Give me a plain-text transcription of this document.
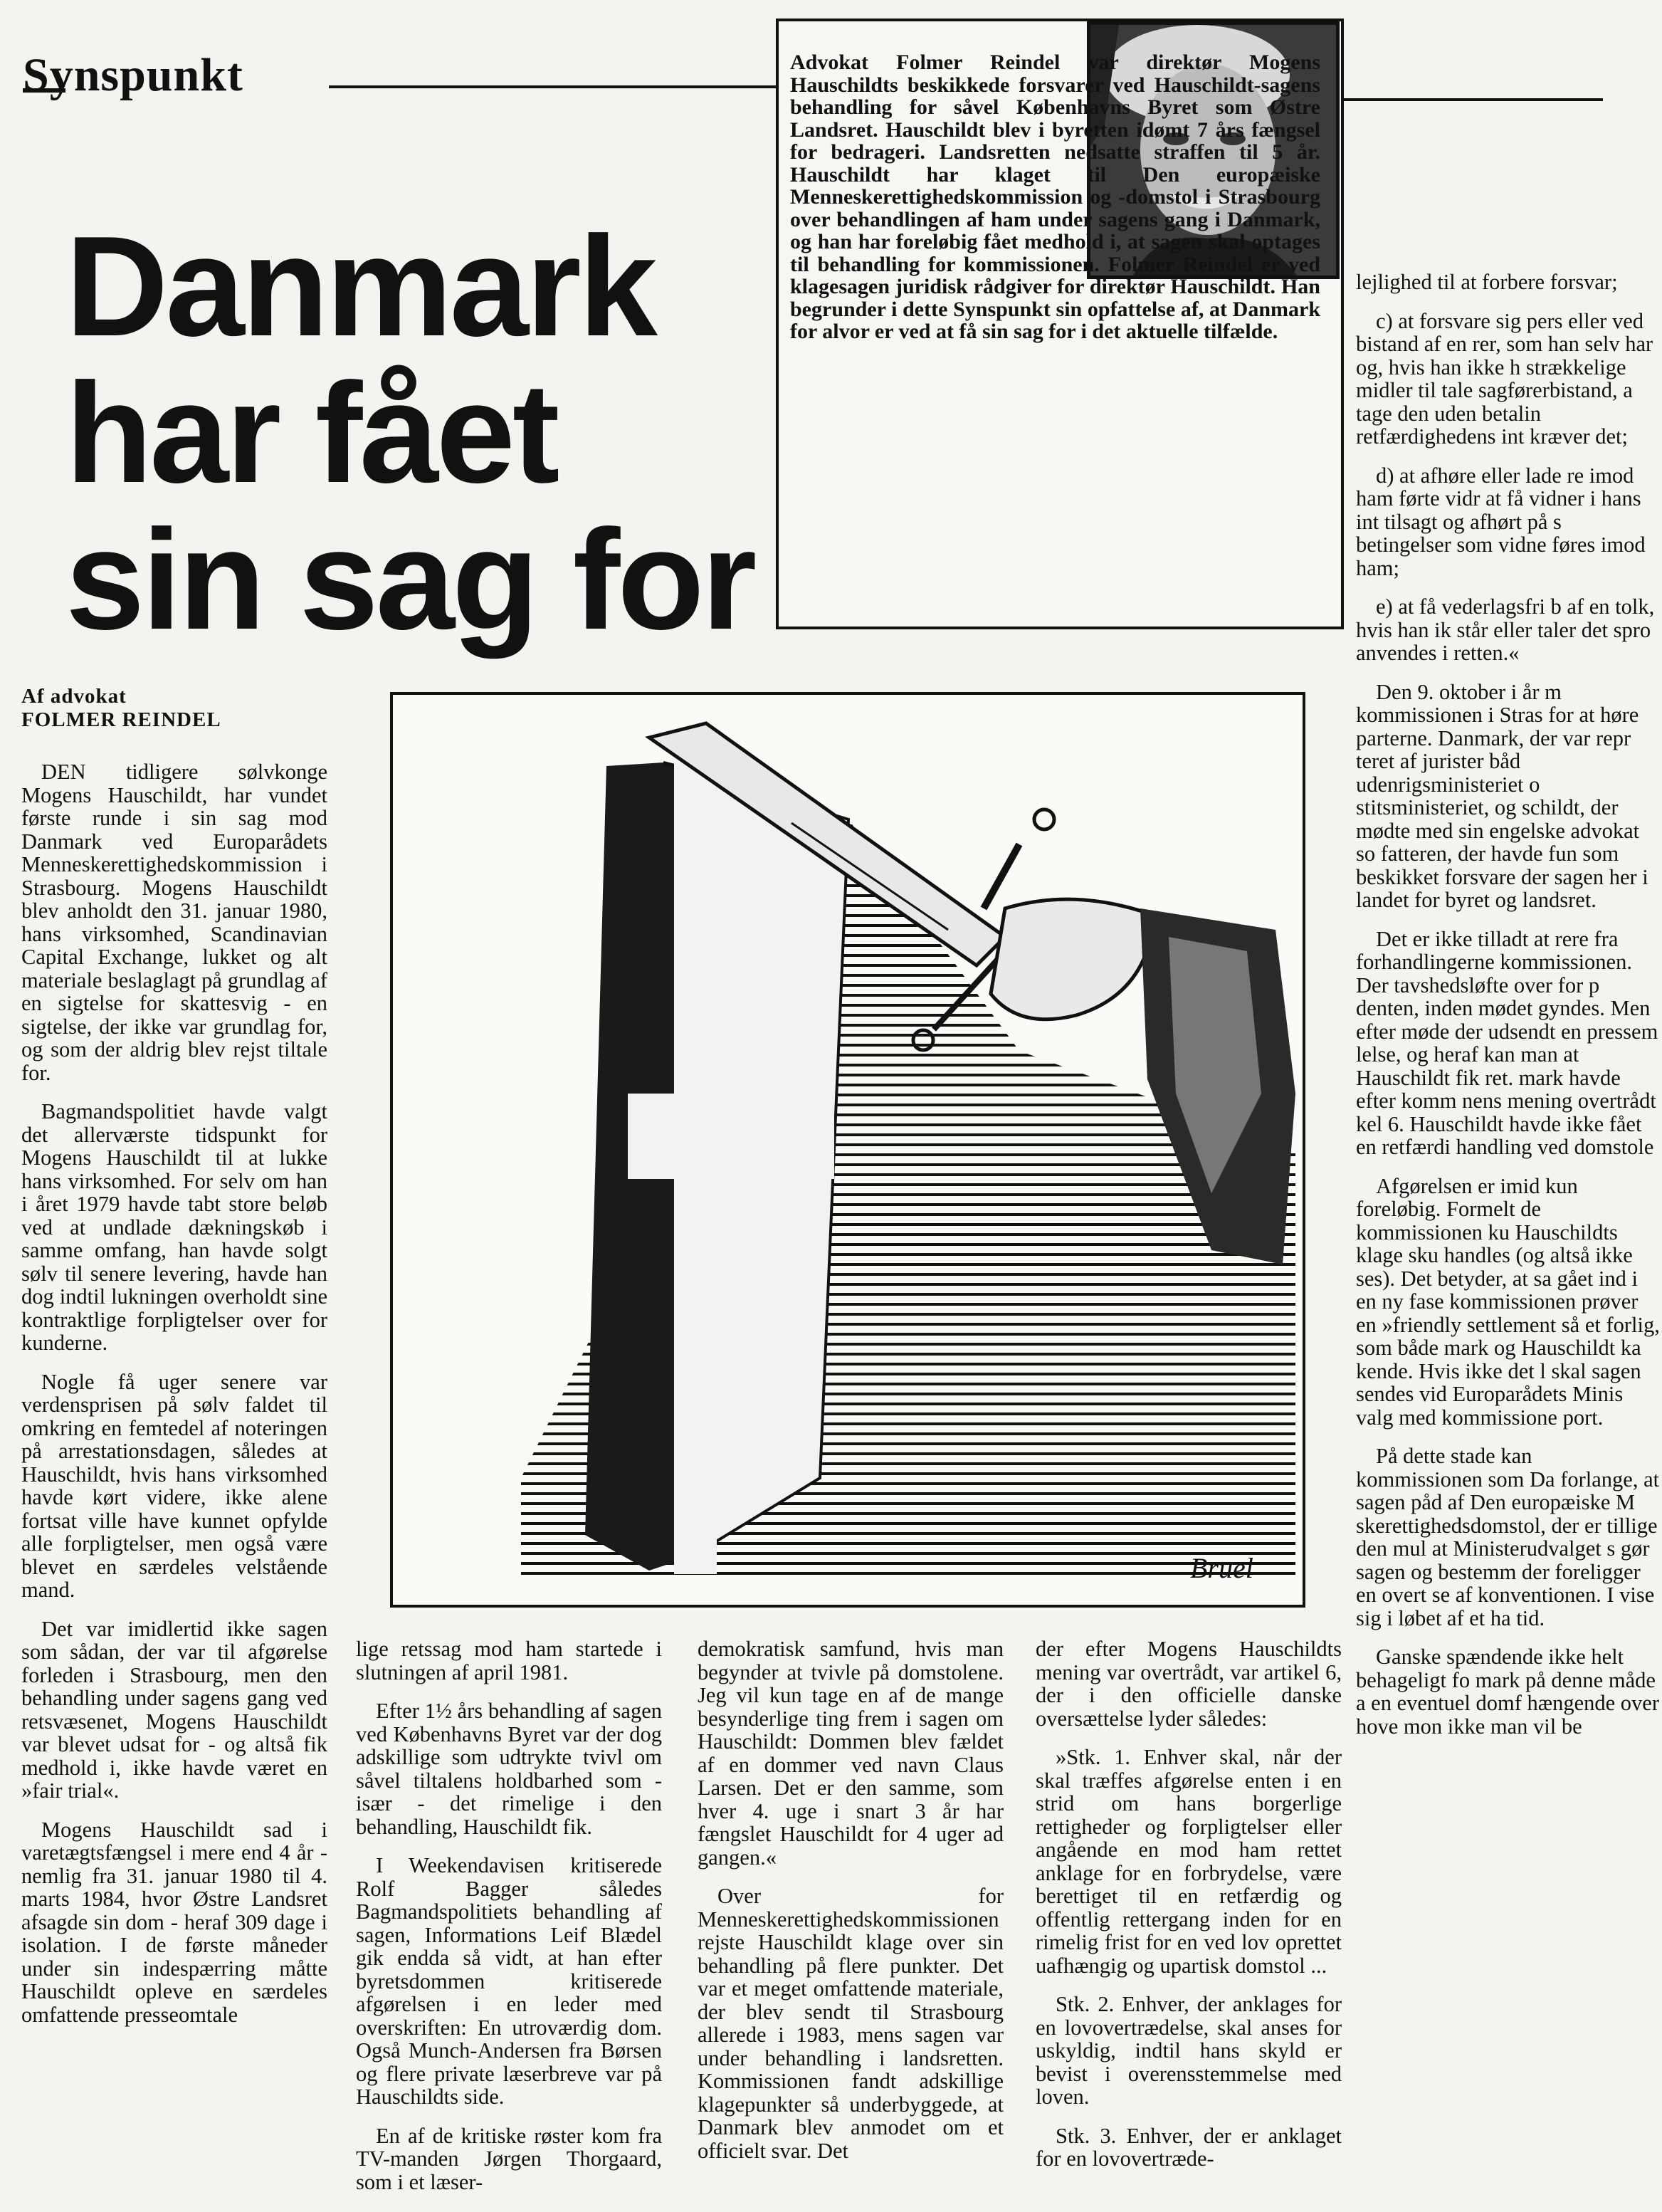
Synspunkt
Danmark
har fået
sin sag for
Advokat Folmer Reindel var direktør Mogens Hauschildts beskikkede forsvarer ved Hauschildt-sagens behandling for såvel Københavns Byret som Østre Landsret. Hauschildt blev i byretten idømt 7 års fængsel for bedrageri. Landsretten nedsatte straffen til 5 år. Hauschildt har klaget til Den europæiske Menneskerettighedskommission og -domstol i Strasbourg over behandlingen af ham under sagens gang i Danmark, og han har foreløbig fået medhold i, at sagen skal optages til behandling for kommissionen. Folmer Reindel er ved klagesagen juridisk rådgiver for direktør Hauschildt. Han begrunder i dette Synspunkt sin opfattelse af, at Danmark for alvor er ved at få sin sag for i det aktuelle tilfælde.
Af advokat
FOLMER REINDEL

DEN tidligere sølvkonge Mogens Hauschildt, har vundet første runde i sin sag mod Danmark ved Europarådets Menneskerettighedskommission i Strasbourg. Mogens Hauschildt blev anholdt den 31. januar 1980, hans virksomhed, Scandinavian Capital Exchange, lukket og alt materiale beslaglagt på grundlag af en sigtelse for skattesvig - en sigtelse, der ikke var grundlag for, og som der aldrig blev rejst tiltale for.

Bagmandspolitiet havde valgt det allerværste tidspunkt for Mogens Hauschildt til at lukke hans virksomhed. For selv om han i året 1979 havde tabt store beløb ved at undlade dækningskøb i samme omfang, han havde solgt sølv til senere levering, havde han dog indtil lukningen overholdt sine kontraktlige forpligtelser over for kunderne.

Nogle få uger senere var verdensprisen på sølv faldet til omkring en femtedel af noteringen på arrestationsdagen, således at Hauschildt, hvis hans virksomhed havde kørt videre, ikke alene fortsat ville have kunnet opfylde alle forpligtelser, men også være blevet en særdeles velstående mand.

Det var imidlertid ikke sagen som sådan, der var til afgørelse forleden i Strasbourg, men den behandling under sagens gang ved retsvæsenet, Mogens Hauschildt var blevet udsat for - og altså fik medhold i, ikke havde været en »fair trial«.

Mogens Hauschildt sad i varetægtsfængsel i mere end 4 år - nemlig fra 31. januar 1980 til 4. marts 1984, hvor Østre Landsret afsagde sin dom - heraf 309 dage i isolation. I de første måneder under sin indespærring måtte Hauschildt opleve en særdeles omfattende presseomtale

Bruel

lige retssag mod ham startede i slutningen af april 1981.

Efter 1½ års behandling af sagen ved Københavns Byret var der dog adskillige som udtrykte tvivl om såvel tiltalens holdbarhed som - især - det rimelige i den behandling, Hauschildt fik.

I Weekendavisen kritiserede Rolf Bagger således Bagmandspolitiets behandling af sagen, Informations Leif Blædel gik endda så vidt, at han efter byretsdommen kritiserede afgørelsen i en leder med overskriften: En utroværdig dom. Også Munch-Andersen fra Børsen og flere private læserbreve var på Hauschildts side.

En af de kritiske røster kom fra TV-manden Jørgen Thorgaard, som i et læser-

demokratisk samfund, hvis man begynder at tvivle på domstolene. Jeg vil kun tage en af de mange besynderlige ting frem i sagen om Hauschildt: Dommen blev fældet af en dommer ved navn Claus Larsen. Det er den samme, som hver 4. uge i snart 3 år har fængslet Hauschildt for 4 uger ad gangen.«

Over for Menneskerettighedskommissionen rejste Hauschildt klage over sin behandling på flere punkter. Det var et meget omfattende materiale, der blev sendt til Strasbourg allerede i 1983, mens sagen var under behandling i landsretten. Kommissionen fandt adskillige klagepunkter så underbyggede, at Danmark blev anmodet om et officielt svar. Det

der efter Mogens Hauschildts mening var overtrådt, var artikel 6, der i den officielle danske oversættelse lyder således:

»Stk. 1. Enhver skal, når der skal træffes afgørelse enten i en strid om hans borgerlige rettigheder og forpligtelser eller angående en mod ham rettet anklage for en forbrydelse, være berettiget til en retfærdig og offentlig rettergang inden for en rimelig frist for en ved lov oprettet uafhængig og upartisk domstol ...

Stk. 2. Enhver, der anklages for en lovovertrædelse, skal anses for uskyldig, indtil hans skyld er bevist i overensstemmelse med loven.

Stk. 3. Enhver, der er anklaget for en lovovertræde-

lejlighed til at forbere forsvar;

c) at forsvare sig pers eller ved bistand af en rer, som han selv har og, hvis han ikke h strækkelige midler til tale sagførerbistand, a tage den uden betalin retfærdighedens int kræver det;

d) at afhøre eller lade re imod ham førte vidr at få vidner i hans int tilsagt og afhørt på s betingelser som vidne føres imod ham;

e) at få vederlagsfri b af en tolk, hvis han ik står eller taler det spro anvendes i retten.«

Den 9. oktober i år m kommissionen i Stras for at høre parterne. Danmark, der var repr teret af jurister båd udenrigsministeriet o stitsministeriet, og schildt, der mødte med sin engelske advokat so fatteren, der havde fun som beskikket forsvare der sagen her i landet for byret og landsret.

Det er ikke tilladt at rere fra forhandlingerne kommissionen. Der tavshedsløfte over for p denten, inden mødet gyndes. Men efter møde der udsendt en pressem lelse, og heraf kan man at Hauschildt fik ret. mark havde efter komm nens mening overtrådt kel 6. Hauschildt havde ikke fået en retfærdi handling ved domstole

Afgørelsen er imid kun foreløbig. Formelt de kommissionen ku Hauschildts klage sku handles (og altså ikke ses). Det betyder, at sa gået ind i en ny fase kommissionen prøver en »friendly settlement så et forlig, som både mark og Hauschildt ka kende. Hvis ikke det l skal sagen sendes vid Europarådets Minis valg med kommissione port.

På dette stade kan kommissionen som Da forlange, at sagen påd af Den europæiske M skerettighedsdomstol, der er tillige den mul at Ministerudvalget s gør sagen og bestemm der foreligger en overt se af konventionen. I vise sig i løbet af et ha tid.

Ganske spændende ikke helt behageligt fo mark på denne måde a en eventuel domf hængende over hove mon ikke man vil be
